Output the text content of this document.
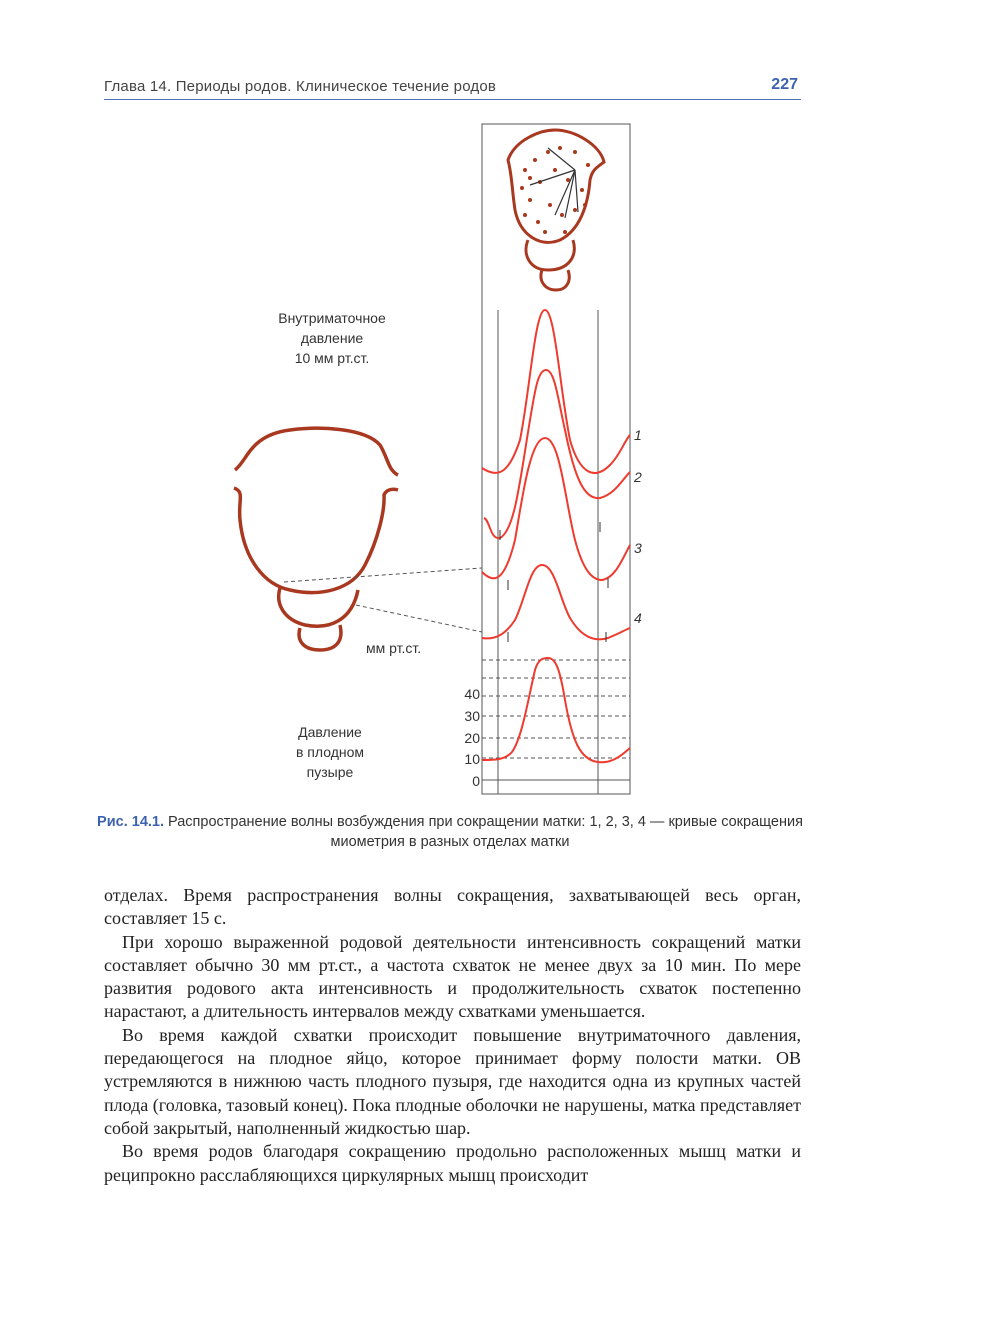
Глава 14. Периоды родов. Клиническое течение родов	227
1
2
3
4
Внутриматочное
давление
10 мм рт.ст.
мм рт.ст.
40
30
20
10
0
Давление
в плодном
пузыре
Рис. 14.1. Распространение волны возбуждения при сокращении матки: 1, 2, 3, 4 — кривые сокращения миометрия в разных отделах матки

отделах. Время распространения волны сокращения, захватывающей весь орган, составляет 15 с.

При хорошо выраженной родовой деятельности интенсивность сокращений матки составляет обычно 30 мм рт.ст., а частота схваток не менее двух за 10 мин. По мере развития родового акта интенсивность и продолжительность схваток постепенно нарастают, а длительность интервалов между схватками уменьшается.

Во время каждой схватки происходит повышение внутриматочного давления, передающегося на плодное яйцо, которое принимает форму полости матки. ОВ устремляются в нижнюю часть плодного пузыря, где находится одна из крупных частей плода (головка, тазовый конец). Пока плодные оболочки не нарушены, матка представляет собой закрытый, наполненный жидкостью шар.

Во время родов благодаря сокращению продольно расположенных мышц матки и реципрокно расслабляющихся циркулярных мышц происходит
